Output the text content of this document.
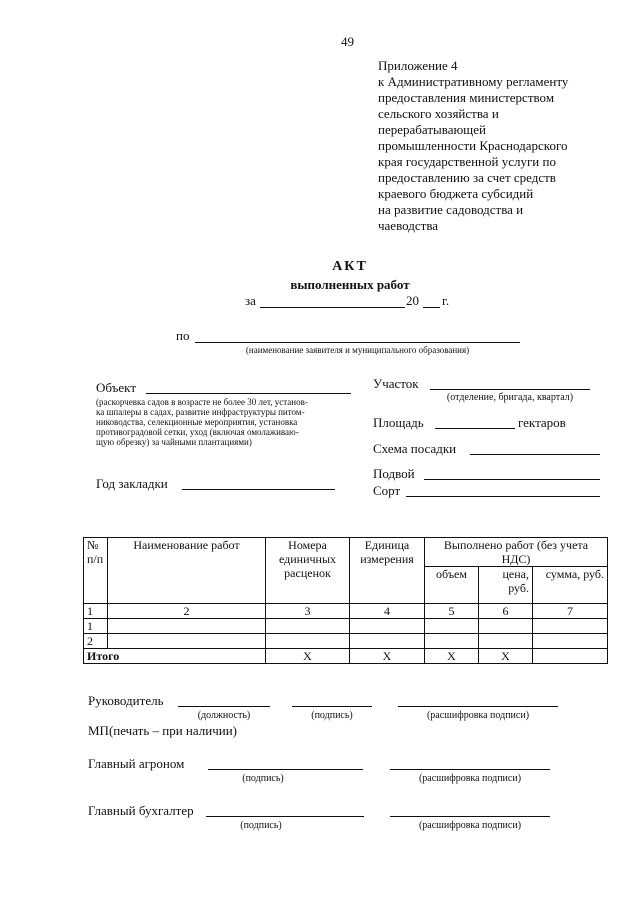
49
Приложение 4
к Административному регламенту
предоставления министерством
сельского хозяйства и
перерабатывающей
промышленности Краснодарского
края государственной услуги по
предоставлению за счет средств
краевого бюджета субсидий
на развитие садоводства и
чаеводства
АКТ
выполненных работ
за	20 г.
по
(наименование заявителя и муниципального образования)
Объект
(раскорчевка садов в возрасте не более 30 лет, установ-
ка шпалеры в садах, развитие инфраструктуры питом-
ниководства, селекционные мероприятия, установка
противоградовой сетки, уход (включая омолаживаю-
щую обрезку) за чайными плантациями)
Год закладки
Участок
(отделение, бригада, квартал)
Площадь	гектаров
Схема посадки
Подвой
Сорт
№ п/п	Наименование работ	Номера единичных расценок	Единица измерения	Выполнено работ (без учета НДС)		
				объем	цена, руб.	сумма, руб.
1	2	3	4	5	6	7
1						
2						
Итого		Х	Х	Х	Х	
Руководитель
(должность)	(подпись)	(расшифровка подписи)
МП(печать – при наличии)
Главный агроном
(подпись)	(расшифровка подписи)
Главный бухгалтер
(подпись)	(расшифровка подписи)
